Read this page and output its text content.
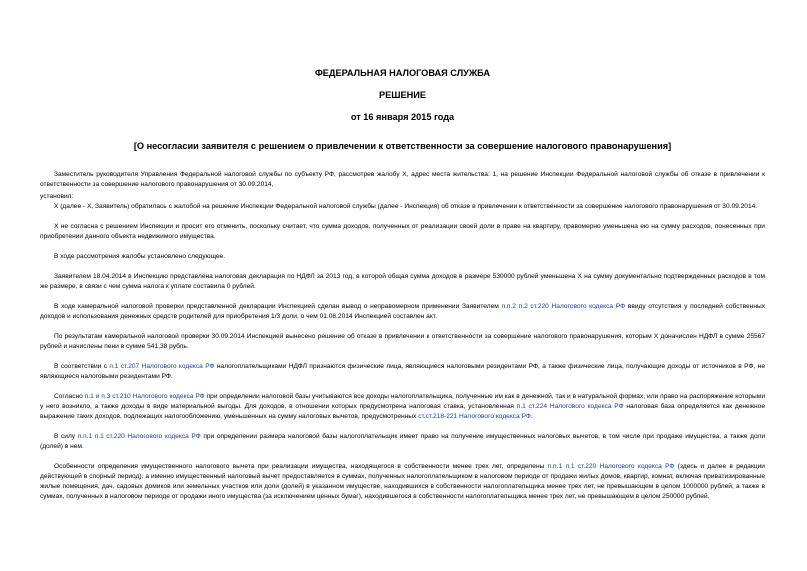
ФЕДЕРАЛЬНАЯ НАЛОГОВАЯ СЛУЖБА
РЕШЕНИЕ
от 16 января 2015 года
[О несогласии заявителя с решением о привлечении к ответственности за совершение налогового правонарушения]

Заместитель руководителя Управления Федеральной налоговой службы по субъекту РФ, рассмотрев жалобу Х, адрес места жительства: 1, на решение Инспекции Федеральной налоговой службы об отказе в привлечении к ответственности за совершение налогового правонарушения от 30.09.2014,

установил:

Х (далее - Х, Заявитель) обратилась с жалобой на решение Инспекции Федеральной налоговой службы (далее - Инспекция) об отказе в привлечении к ответственности за совершение налогового правонарушения от 30.09.2014.

Х не согласна с решением Инспекции и просит его отменить, поскольку считает, что сумма доходов, полученных от реализации своей доли в праве на квартиру, правомерно уменьшена ею на сумму расходов, понесенных при приобретении данного объекта недвижимого имущества.

В ходе рассмотрения жалобы установлено следующее.

Заявителем 18.04.2014 в Инспекцию представлена налоговая декларация по НДФЛ за 2013 год, в которой общая сумма доходов в размере 530000 рублей уменьшена Х на сумму документально подтвержденных расходов в том же размере, в связи с чем сумма налога к уплате составила 0 рублей.

В ходе камеральной налоговой проверки представленной декларации Инспекцией сделан вывод о неправомерном применении Заявителем п.п.2 п.2 ст.220 Налогового кодекса РФ ввиду отсутствия у последней собственных доходов и использования денежных средств родителей для приобретения 1/3 доли, о чем 01.08.2014 Инспекцией составлен акт.

По результатам камеральной налоговой проверки 30.09.2014 Инспекцией вынесено решение об отказе в привлечении к ответственности за совершение налогового правонарушения, которым Х доначислен НДФЛ в сумме 25567 рублей и начислены пени в сумме 541,38 рубль.

В соответствии с п.1 ст.207 Налогового кодекса РФ налогоплательщиками НДФЛ признаются физические лица, являющиеся налоговыми резидентами РФ, а также физические лица, получающие доходы от источников в РФ, не являющиеся налоговыми резидентами РФ.

Согласно п.1 и п.3 ст.210 Налогового кодекса РФ при определении налоговой базы учитываются все доходы налогоплательщика, полученные им как в денежной, так и в натуральной формах, или право на распоряжение которыми у него возникло, а также доходы в виде материальной выгоды. Для доходов, в отношении которых предусмотрена налоговая ставка, установленная п.1 ст.224 Налогового кодекса РФ налоговая база определяется как денежное выражение таких доходов, подлежащих налогообложению, уменьшенных на сумму налоговых вычетов, предусмотренных ст.ст.218-221 Налогового кодекса РФ.

В силу п.п.1 п.1 ст.220 Налогового кодекса РФ при определении размера налоговой базы налогоплательщик имеет право на получение имущественных налоговых вычетов, в том числе при продаже имущества, а также доли (долей) в нем.

Особенности определения имущественного налогового вычета при реализации имущества, находящегося в собственности менее трех лет, определены п.п.1 п.1 ст.220 Налогового кодекса РФ (здесь и далее в редакции действующей в спорный период), а именно имущественный налоговый вычет предоставляется в суммах, полученных налогоплательщиком в налоговом периоде от продажи жилых домов, квартир, комнат, включая приватизированные жилые помещения, дач, садовых домиков или земельных участков или доли (долей) в указанном имуществе, находившихся в собственности налогоплательщика менее трех лет, не превышающем в целом 1000000 рублей, а также в суммах, полученных в налоговом периоде от продажи иного имущества (за исключением ценных бумаг), находившегося в собственности налогоплательщика менее трех лет, не превышающем в целом 250000 рублей.
